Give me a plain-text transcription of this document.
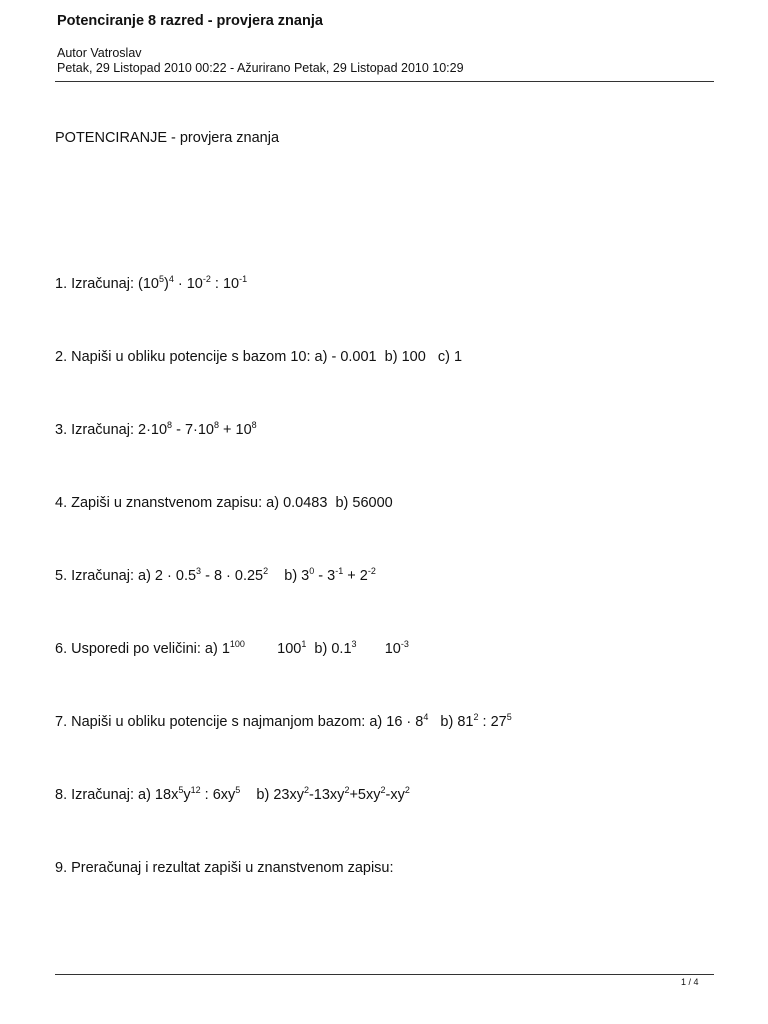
Potenciranje 8 razred - provjera znanja
Autor Vatroslav
Petak, 29 Listopad 2010 00:22 - Ažurirano Petak, 29 Listopad 2010 10:29
POTENCIRANJE - provjera znanja
1. Izračunaj: $(10^5)^4 \cdot 10^{-2}$ : $10^{-1}$
2. Napiši u obliku potencije s bazom 10: a) - 0.001  b) 100   c) 1
3. Izračunaj: $2\cdot 10^8 - 7\cdot 10^8 + 10^8$
4. Zapiši u znanstvenom zapisu: a) 0.0483  b) 56000
5. Izračunaj: a) $2 \cdot 0.5^3 - 8 \cdot 0.25^2$    b) $3^0 - 3^{-1} + 2^{-2}$
6. Usporedi po veličini: a) $1^{100}$        $100^1$  b) $0.1^3$       $10^{-3}$
7. Napiši u obliku potencije s najmanjom bazom: a) $16 \cdot 8^4$   b) $81^2$ : $27^5$
8. Izračunaj: a) $18x^5y^{12}$ : $6xy^5$    b) $23xy^2-13xy^2+5xy^2-xy^2$
9. Preračunaj i rezultat zapiši u znanstvenom zapisu:
1 / 4
